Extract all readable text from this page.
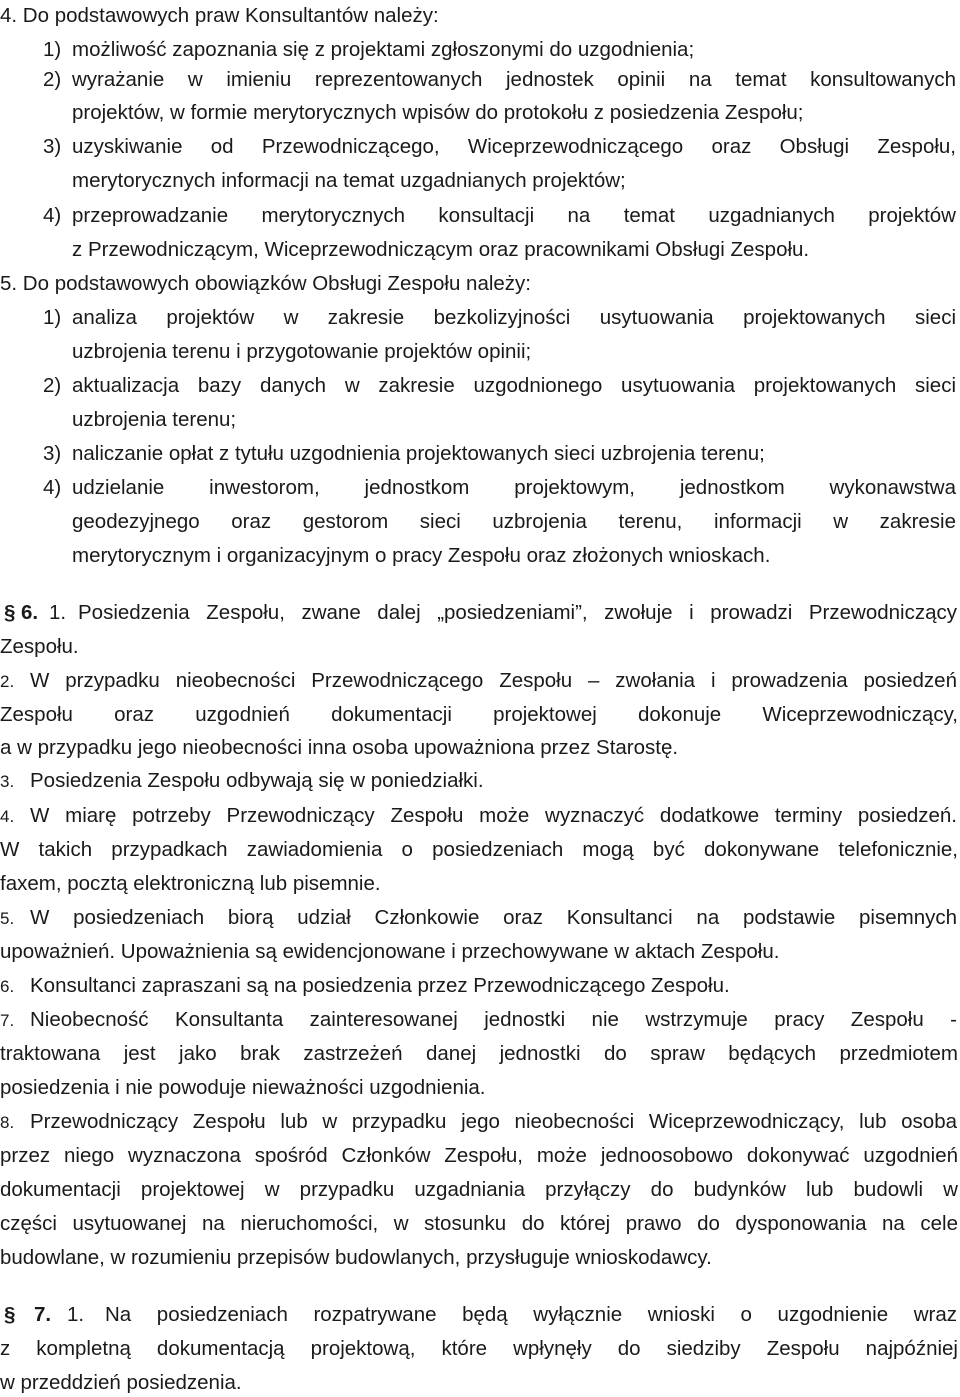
4. Do podstawowych praw Konsultantów należy:
1) możliwość zapoznania się z projektami zgłoszonymi do uzgodnienia;
2) wyrażanie w imieniu reprezentowanych jednostek opinii na temat konsultowanych
projektów, w formie merytorycznych wpisów do protokołu z posiedzenia Zespołu;
3) uzyskiwanie od Przewodniczącego, Wiceprzewodniczącego oraz Obsługi Zespołu,
merytorycznych informacji na temat uzgadnianych projektów;
4) przeprowadzanie merytorycznych konsultacji na temat uzgadnianych projektów
z Przewodniczącym, Wiceprzewodniczącym oraz pracownikami Obsługi Zespołu.
5. Do podstawowych obowiązków Obsługi Zespołu należy:
1) analiza projektów w zakresie bezkolizyjności usytuowania projektowanych sieci
uzbrojenia terenu i przygotowanie projektów opinii;
2) aktualizacja bazy danych w zakresie uzgodnionego usytuowania projektowanych sieci
uzbrojenia terenu;
3) naliczanie opłat z tytułu uzgodnienia projektowanych sieci uzbrojenia terenu;
4) udzielanie inwestorom, jednostkom projektowym, jednostkom wykonawstwa
geodezyjnego oraz gestorom sieci uzbrojenia terenu, informacji w zakresie
merytorycznym i organizacyjnym o pracy Zespołu oraz złożonych wnioskach.
§ 6. 1. Posiedzenia Zespołu, zwane dalej „posiedzeniami”, zwołuje i prowadzi Przewodniczący
Zespołu.
2. W przypadku nieobecności Przewodniczącego Zespołu – zwołania i prowadzenia posiedzeń
Zespołu oraz uzgodnień dokumentacji projektowej dokonuje Wiceprzewodniczący,
a w przypadku jego nieobecności inna osoba upoważniona przez Starostę.
3. Posiedzenia Zespołu odbywają się w poniedziałki.
4. W miarę potrzeby Przewodniczący Zespołu może wyznaczyć dodatkowe terminy posiedzeń.
W takich przypadkach zawiadomienia o posiedzeniach mogą być dokonywane telefonicznie,
faxem, pocztą elektroniczną lub pisemnie.
5. W posiedzeniach biorą udział Członkowie oraz Konsultanci na podstawie pisemnych
upoważnień. Upoważnienia są ewidencjonowane i przechowywane w aktach Zespołu.
6. Konsultanci zapraszani są na posiedzenia przez Przewodniczącego Zespołu.
7. Nieobecność Konsultanta zainteresowanej jednostki nie wstrzymuje pracy Zespołu -
traktowana jest jako brak zastrzeżeń danej jednostki do spraw będących przedmiotem
posiedzenia i nie powoduje nieważności uzgodnienia.
8. Przewodniczący Zespołu lub w przypadku jego nieobecności Wiceprzewodniczący, lub osoba
przez niego wyznaczona spośród Członków Zespołu, może jednoosobowo dokonywać uzgodnień
dokumentacji projektowej w przypadku uzgadniania przyłączy do budynków lub budowli w
części usytuowanej na nieruchomości, w stosunku do której prawo do dysponowania na cele
budowlane, w rozumieniu przepisów budowlanych, przysługuje wnioskodawcy.
§ 7. 1. Na posiedzeniach rozpatrywane będą wyłącznie wnioski o uzgodnienie wraz
z kompletną dokumentacją projektową, które wpłynęły do siedziby Zespołu najpóźniej
w przeddzień posiedzenia.
